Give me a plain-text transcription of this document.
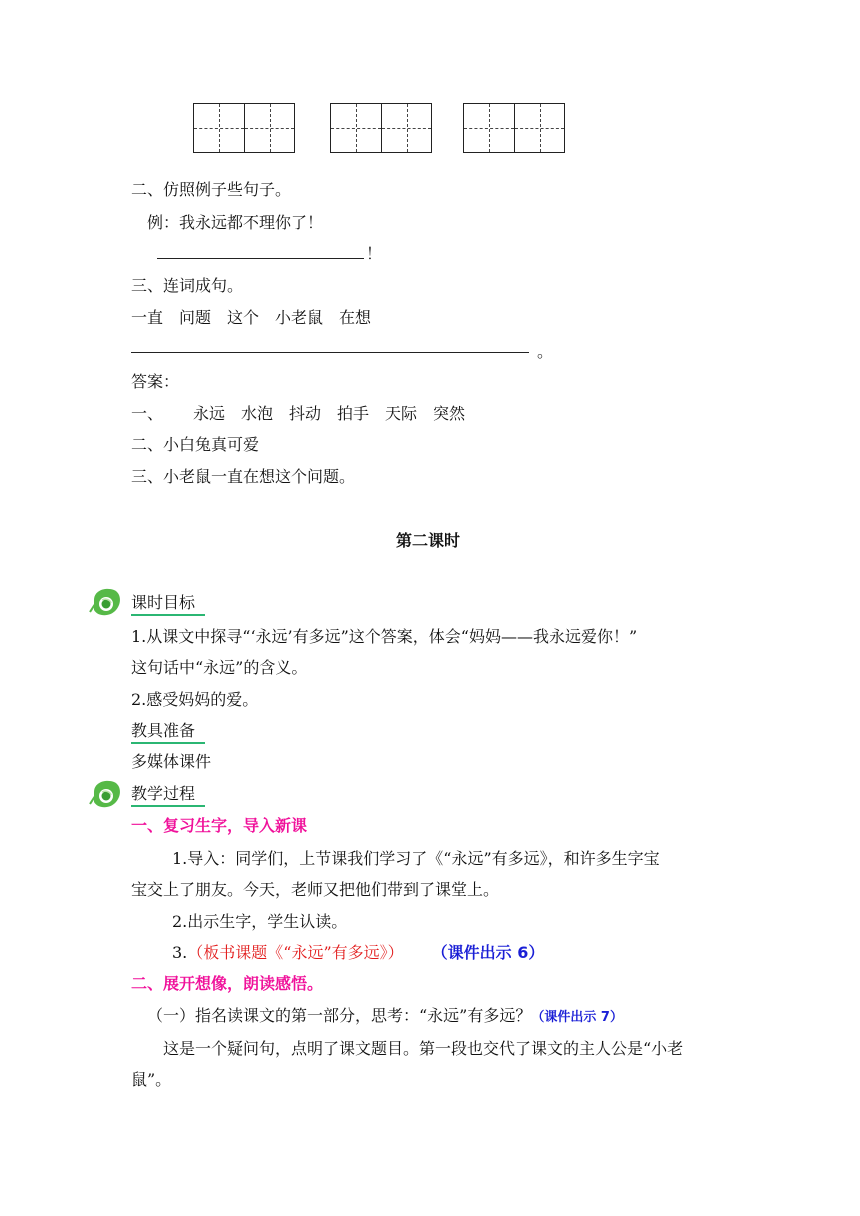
二、仿照例子些句子。
例：我永远都不理你了！
！
三、连词成句。
一直　问题　这个　小老鼠　在想
。
答案：
一、 永远　水泡　抖动　拍手　天际　突然
二、小白兔真可爱
三、小老鼠一直在想这个问题。
第二课时
课时目标
1.从课文中探寻“‘永远’有多远”这个答案，体会“妈妈——我永远爱你！”
这句话中“永远”的含义。
2.感受妈妈的爱。
教具准备
多媒体课件
教学过程
一、复习生字，导入新课
1.导入：同学们，上节课我们学习了《“永远”有多远》，和许多生字宝
宝交上了朋友。今天，老师又把他们带到了课堂上。
2.出示生字，学生认读。
3.（板书课题《“永远”有多远》） （课件出示 6）
二、展开想像，朗读感悟。
（一）指名读课文的第一部分，思考：“永远”有多远？（课件出示 7）
这是一个疑问句，点明了课文题目。第一段也交代了课文的主人公是“小老
鼠”。
